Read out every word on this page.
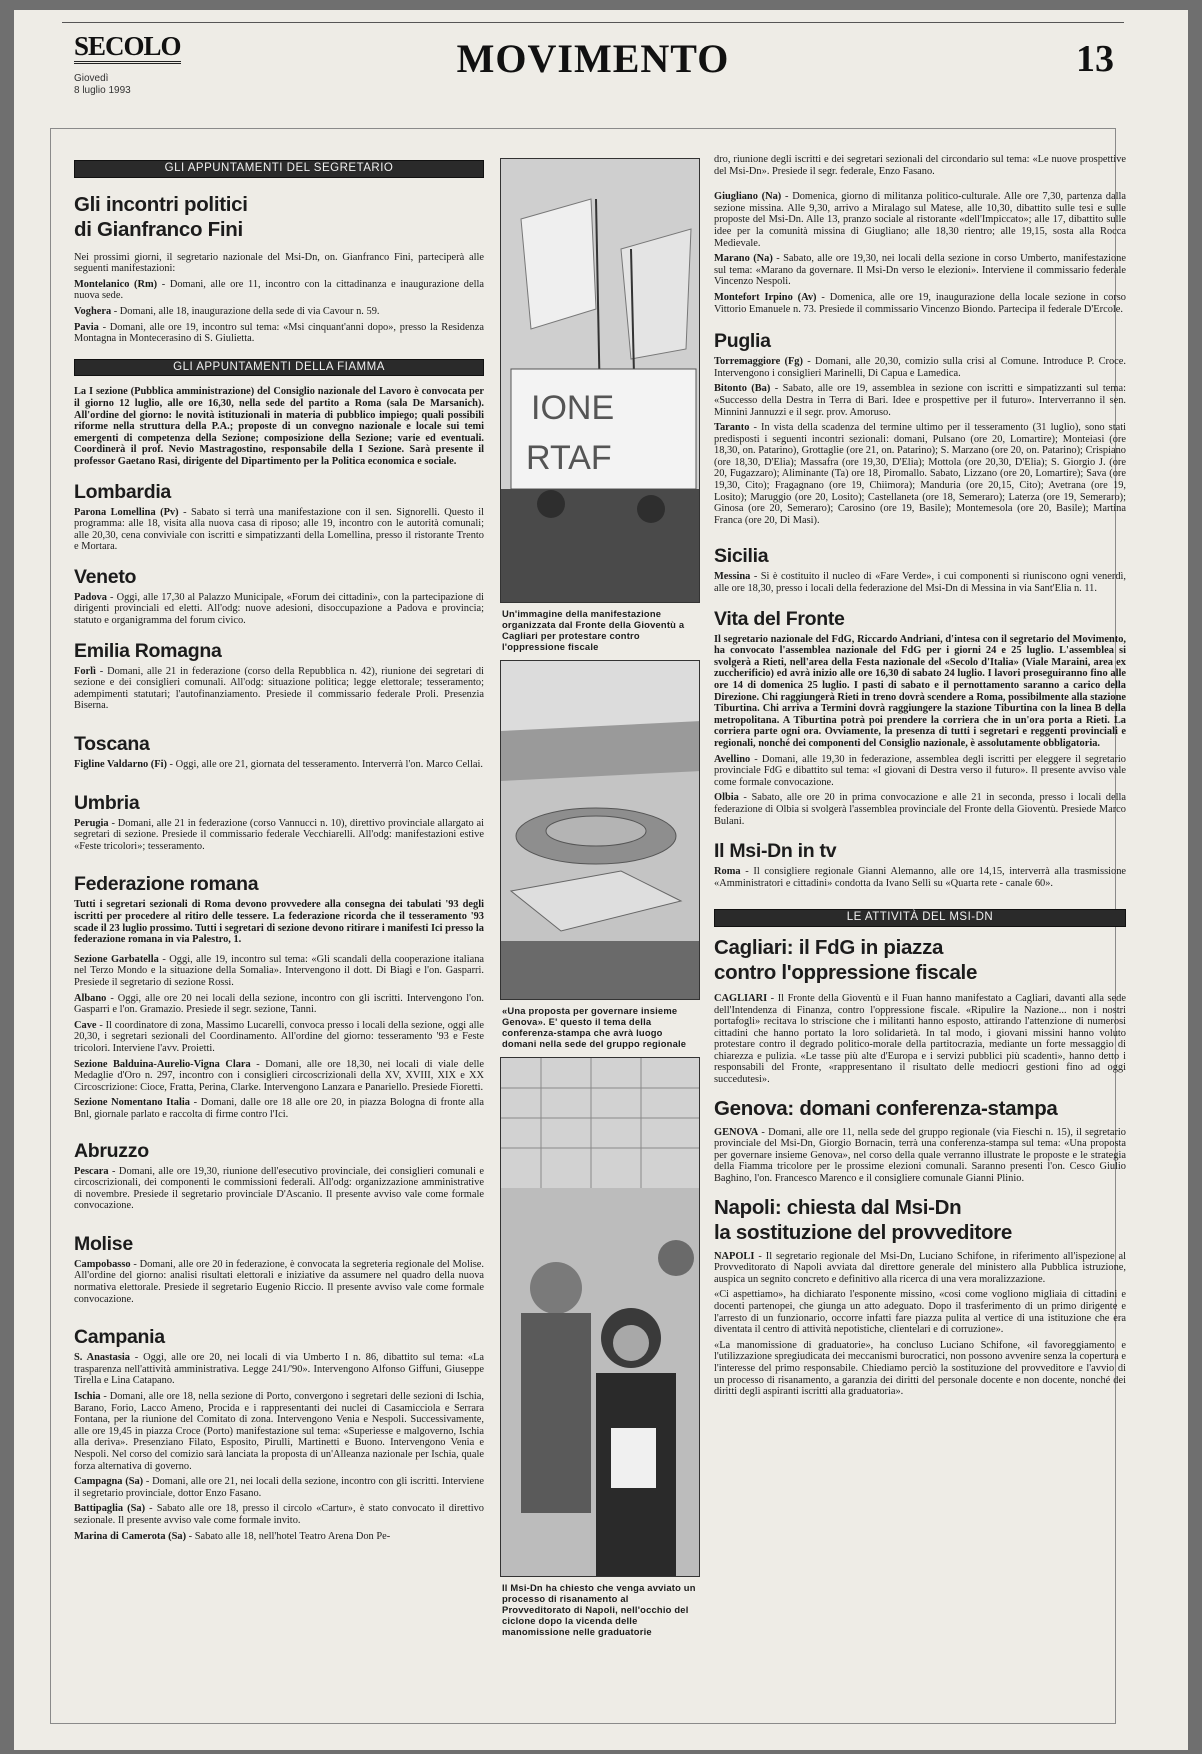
SECOLO
Giovedì
8 luglio 1993
MOVIMENTO	13
GLI APPUNTAMENTI DEL SEGRETARIO
Gli incontri politici
di Gianfranco Fini
Nei prossimi giorni, il segretario nazionale del Msi-Dn, on. Gianfranco Fini, parteciperà alle seguenti manifestazioni:
Montelanico (Rm) - Domani, alle ore 11, incontro con la cittadinanza e inaugurazione della nuova sede.
Voghera - Domani, alle 18, inaugurazione della sede di via Cavour n. 59.
Pavia - Domani, alle ore 19, incontro sul tema: «Msi cinquant'anni dopo», presso la Residenza Montagna in Montecerasino di S. Giulietta.
GLI APPUNTAMENTI DELLA FIAMMA
La I sezione (Pubblica amministrazione) del Consiglio nazionale del Lavoro è convocata per il giorno 12 luglio, alle ore 16,30, nella sede del partito a Roma (sala De Marsanich). All'ordine del giorno: le novità istituzionali in materia di pubblico impiego; quali possibili riforme nella struttura della P.A.; proposte di un convegno nazionale e locale sui temi emergenti di competenza della Sezione; composizione della Sezione; varie ed eventuali. Coordinerà il prof. Nevio Mastragostino, responsabile della I Sezione. Sarà presente il professor Gaetano Rasi, dirigente del Dipartimento per la Politica economica e sociale.
Lombardia
Parona Lomellina (Pv) - Sabato si terrà una manifestazione con il sen. Signorelli. Questo il programma: alle 18, visita alla nuova casa di riposo; alle 19, incontro con le autorità comunali; alle 20,30, cena conviviale con iscritti e simpatizzanti della Lomellina, presso il ristorante Trento e Mortara.
Veneto
Padova - Oggi, alle 17,30 al Palazzo Municipale, «Forum dei cittadini», con la partecipazione di dirigenti provinciali ed eletti. All'odg: nuove adesioni, disoccupazione a Padova e provincia; statuto e organigramma del forum civico.
Emilia Romagna
Forlì - Domani, alle 21 in federazione (corso della Repubblica n. 42), riunione dei segretari di sezione e dei consiglieri comunali. All'odg: situazione politica; legge elettorale; tesseramento; adempimenti statutari; l'autofinanziamento. Presiede il commissario federale Proli. Presenzia Biserna.
Toscana
Figline Valdarno (Fi) - Oggi, alle ore 21, giornata del tesseramento. Interverrà l'on. Marco Cellai.
Umbria
Perugia - Domani, alle 21 in federazione (corso Vannucci n. 10), direttivo provinciale allargato ai segretari di sezione. Presiede il commissario federale Vecchiarelli. All'odg: manifestazioni estive «Feste tricolori»; tesseramento.
Federazione romana
Tutti i segretari sezionali di Roma devono provvedere alla consegna dei tabulati '93 degli iscritti per procedere al ritiro delle tessere. La federazione ricorda che il tesseramento '93 scade il 23 luglio prossimo. Tutti i segretari di sezione devono ritirare i manifesti Ici presso la federazione romana in via Palestro, 1.
Sezione Garbatella - Oggi, alle 19, incontro sul tema: «Gli scandali della cooperazione italiana nel Terzo Mondo e la situazione della Somalia». Intervengono il dott. Di Biagi e l'on. Gasparri. Presiede il segretario di sezione Rossi.
Albano - Oggi, alle ore 20 nei locali della sezione, incontro con gli iscritti. Intervengono l'on. Gasparri e l'on. Gramazio. Presiede il segr. sezione, Tanni.
Cave - Il coordinatore di zona, Massimo Lucarelli, convoca presso i locali della sezione, oggi alle 20,30, i segretari sezionali del Coordinamento. All'ordine del giorno: tesseramento '93 e Feste tricolori. Interviene l'avv. Proietti.
Sezione Balduina-Aurelio-Vigna Clara - Domani, alle ore 18,30, nei locali di viale delle Medaglie d'Oro n. 297, incontro con i consiglieri circoscrizionali della XV, XVIII, XIX e XX Circoscrizione: Cioce, Fratta, Perina, Clarke. Intervengono Lanzara e Panariello. Presiede Fioretti.
Sezione Nomentano Italia - Domani, dalle ore 18 alle ore 20, in piazza Bologna di fronte alla Bnl, giornale parlato e raccolta di firme contro l'Ici.
Abruzzo
Pescara - Domani, alle ore 19,30, riunione dell'esecutivo provinciale, dei consiglieri comunali e circoscrizionali, dei componenti le commissioni federali. All'odg: organizzazione amministrative di novembre. Presiede il segretario provinciale D'Ascanio. Il presente avviso vale come formale convocazione.
Molise
Campobasso - Domani, alle ore 20 in federazione, è convocata la segreteria regionale del Molise. All'ordine del giorno: analisi risultati elettorali e iniziative da assumere nel quadro della nuova normativa elettorale. Presiede il segretario Eugenio Riccio. Il presente avviso vale come formale convocazione.
Campania
S. Anastasia - Oggi, alle ore 20, nei locali di via Umberto I n. 86, dibattito sul tema: «La trasparenza nell'attività amministrativa. Legge 241/'90». Intervengono Alfonso Giffuni, Giuseppe Tirella e Lina Catapano.
Ischia - Domani, alle ore 18, nella sezione di Porto, convergono i segretari delle sezioni di Ischia, Barano, Forio, Lacco Ameno, Procida e i rappresentanti dei nuclei di Casamicciola e Serrara Fontana, per la riunione del Comitato di zona. Intervengono Venia e Nespoli. Successivamente, alle ore 19,45 in piazza Croce (Porto) manifestazione sul tema: «Superiesse e malgoverno, Ischia alla deriva». Presenziano Filato, Esposito, Pirulli, Martinetti e Buono. Intervengono Venia e Nespoli. Nel corso del comizio sarà lanciata la proposta di un'Alleanza nazionale per Ischia, quale forza alternativa di governo.
Campagna (Sa) - Domani, alle ore 21, nei locali della sezione, incontro con gli iscritti. Interviene il segretario provinciale, dottor Enzo Fasano.
Battipaglia (Sa) - Sabato alle ore 18, presso il circolo «Cartur», è stato convocato il direttivo sezionale. Il presente avviso vale come formale invito.
Marina di Camerota (Sa) - Sabato alle 18, nell'hotel Teatro Arena Don Pe-
IONE
RTAF
Un'immagine della manifestazione organizzata dal Fronte della Gioventù a Cagliari per protestare contro l'oppressione fiscale
«Una proposta per governare insieme Genova». E' questo il tema della conferenza-stampa che avrà luogo domani nella sede del gruppo regionale
Il Msi-Dn ha chiesto che venga avviato un processo di risanamento al Provveditorato di Napoli, nell'occhio del ciclone dopo la vicenda delle manomissione nelle graduatorie
dro, riunione degli iscritti e dei segretari sezionali del circondario sul tema: «Le nuove prospettive del Msi-Dn». Presiede il segr. federale, Enzo Fasano.
Giugliano (Na) - Domenica, giorno di militanza politico-culturale. Alle ore 7,30, partenza dalla sezione missina. Alle 9,30, arrivo a Miralago sul Matese, alle 10,30, dibattito sulle tesi e sulle proposte del Msi-Dn. Alle 13, pranzo sociale al ristorante «dell'Impiccato»; alle 17, dibattito sulle idee per la comunità missina di Giugliano; alle 18,30 rientro; alle 19,15, sosta alla Rocca Medievale.
Marano (Na) - Sabato, alle ore 19,30, nei locali della sezione in corso Umberto, manifestazione sul tema: «Marano da governare. Il Msi-Dn verso le elezioni». Interviene il commissario federale Vincenzo Nespoli.
Montefort Irpino (Av) - Domenica, alle ore 19, inaugurazione della locale sezione in corso Vittorio Emanuele n. 73. Presiede il commissario Vincenzo Biondo. Partecipa il federale D'Ercole.
Puglia
Torremaggiore (Fg) - Domani, alle 20,30, comizio sulla crisi al Comune. Introduce P. Croce. Intervengono i consiglieri Marinelli, Di Capua e Lamedica.
Bitonto (Ba) - Sabato, alle ore 19, assemblea in sezione con iscritti e simpatizzanti sul tema: «Successo della Destra in Terra di Bari. Idee e prospettive per il futuro». Interverranno il sen. Minnini Jannuzzi e il segr. prov. Amoruso.
Taranto - In vista della scadenza del termine ultimo per il tesseramento (31 luglio), sono stati predisposti i seguenti incontri sezionali: domani, Pulsano (ore 20, Lomartire); Monteiasi (ore 18,30, on. Patarino), Grottaglie (ore 21, on. Patarino); S. Marzano (ore 20, on. Patarino); Crispiano (ore 18,30, D'Elia); Massafra (ore 19,30, D'Elia); Mottola (ore 20,30, D'Elia); S. Giorgio J. (ore 20, Fugazzaro); Aliminante (Ta) ore 18, Piromallo. Sabato, Lizzano (ore 20, Lomartire); Sava (ore 19,30, Cito); Fragagnano (ore 19, Chiimora); Manduria (ore 20,15, Cito); Avetrana (ore 19, Losito); Maruggio (ore 20, Losito); Castellaneta (ore 18, Semeraro); Laterza (ore 19, Semeraro); Ginosa (ore 20, Semeraro); Carosino (ore 19, Basile); Montemesola (ore 20, Basile); Martina Franca (ore 20, Di Masi).
Sicilia
Messina - Si è costituito il nucleo di «Fare Verde», i cui componenti si riuniscono ogni venerdì, alle ore 18,30, presso i locali della federazione del Msi-Dn di Messina in via Sant'Elia n. 11.
Vita del Fronte
Il segretario nazionale del FdG, Riccardo Andriani, d'intesa con il segretario del Movimento, ha convocato l'assemblea nazionale del FdG per i giorni 24 e 25 luglio. L'assemblea si svolgerà a Rieti, nell'area della Festa nazionale del «Secolo d'Italia» (Viale Maraini, area ex zuccherificio) ed avrà inizio alle ore 16,30 di sabato 24 luglio. I lavori proseguiranno fino alle ore 14 di domenica 25 luglio. I pasti di sabato e il pernottamento saranno a carico della Direzione. Chi raggiungerà Rieti in treno dovrà scendere a Roma, possibilmente alla stazione Tiburtina. Chi arriva a Termini dovrà raggiungere la stazione Tiburtina con la linea B della metropolitana. A Tiburtina potrà poi prendere la corriera che in un'ora porta a Rieti. La corriera parte ogni ora. Ovviamente, la presenza di tutti i segretari e reggenti provinciali e regionali, nonché dei componenti del Consiglio nazionale, è assolutamente obbligatoria.
Avellino - Domani, alle 19,30 in federazione, assemblea degli iscritti per eleggere il segretario provinciale FdG e dibattito sul tema: «I giovani di Destra verso il futuro». Il presente avviso vale come formale convocazione.
Olbia - Sabato, alle ore 20 in prima convocazione e alle 21 in seconda, presso i locali della federazione di Olbia si svolgerà l'assemblea provinciale del Fronte della Gioventù. Presiede Marco Bulani.
Il Msi-Dn in tv
Roma - Il consigliere regionale Gianni Alemanno, alle ore 14,15, interverrà alla trasmissione «Amministratori e cittadini» condotta da Ivano Sellì su «Quarta rete - canale 60».
LE ATTIVITÀ DEL MSI-DN
Cagliari: il FdG in piazza
contro l'oppressione fiscale
CAGLIARI - Il Fronte della Gioventù e il Fuan hanno manifestato a Cagliari, davanti alla sede dell'Intendenza di Finanza, contro l'oppressione fiscale. «Ripulire la Nazione... non i nostri portafogli» recitava lo striscione che i militanti hanno esposto, attirando l'attenzione di numerosi cittadini che hanno portato la loro solidarietà. In tal modo, i giovani missini hanno voluto protestare contro il degrado politico-morale della partitocrazia, mediante un forte messaggio di chiarezza e pulizia. «Le tasse più alte d'Europa e i servizi pubblici più scadenti», hanno detto i responsabili del Fronte, «rappresentano il risultato delle mediocri gestioni fino ad oggi succedutesi».
Genova: domani conferenza-stampa
GENOVA - Domani, alle ore 11, nella sede del gruppo regionale (via Fieschi n. 15), il segretario provinciale del Msi-Dn, Giorgio Bornacin, terrà una conferenza-stampa sul tema: «Una proposta per governare insieme Genova», nel corso della quale verranno illustrate le proposte e le strategia della Fiamma tricolore per le prossime elezioni comunali. Saranno presenti l'on. Cesco Giulio Baghino, l'on. Francesco Marenco e il consigliere comunale Gianni Plinio.
Napoli: chiesta dal Msi-Dn
la sostituzione del provveditore
NAPOLI - Il segretario regionale del Msi-Dn, Luciano Schifone, in riferimento all'ispezione al Provveditorato di Napoli avviata dal direttore generale del ministero alla Pubblica istruzione, auspica un segnito concreto e definitivo alla ricerca di una vera moralizzazione.
«Ci aspettiamo», ha dichiarato l'esponente missino, «cosi come vogliono migliaia di cittadini e docenti partenopei, che giunga un atto adeguato. Dopo il trasferimento di un primo dirigente e l'arresto di un funzionario, occorre infatti fare piazza pulita al vertice di una istituzione che era diventata il centro di attività nepotistiche, clientelari e di corruzione».
«La manomissione di graduatorie», ha concluso Luciano Schifone, «il favoreggiamento e l'utilizzazione spregiudicata dei meccanismi burocratici, non possono avvenire senza la copertura e l'interesse del primo responsabile. Chiediamo perciò la sostituzione del provveditore e l'avvio di un processo di risanamento, a garanzia dei diritti del personale docente e non docente, nonché dei diritti degli aspiranti iscritti alla graduatoria».
